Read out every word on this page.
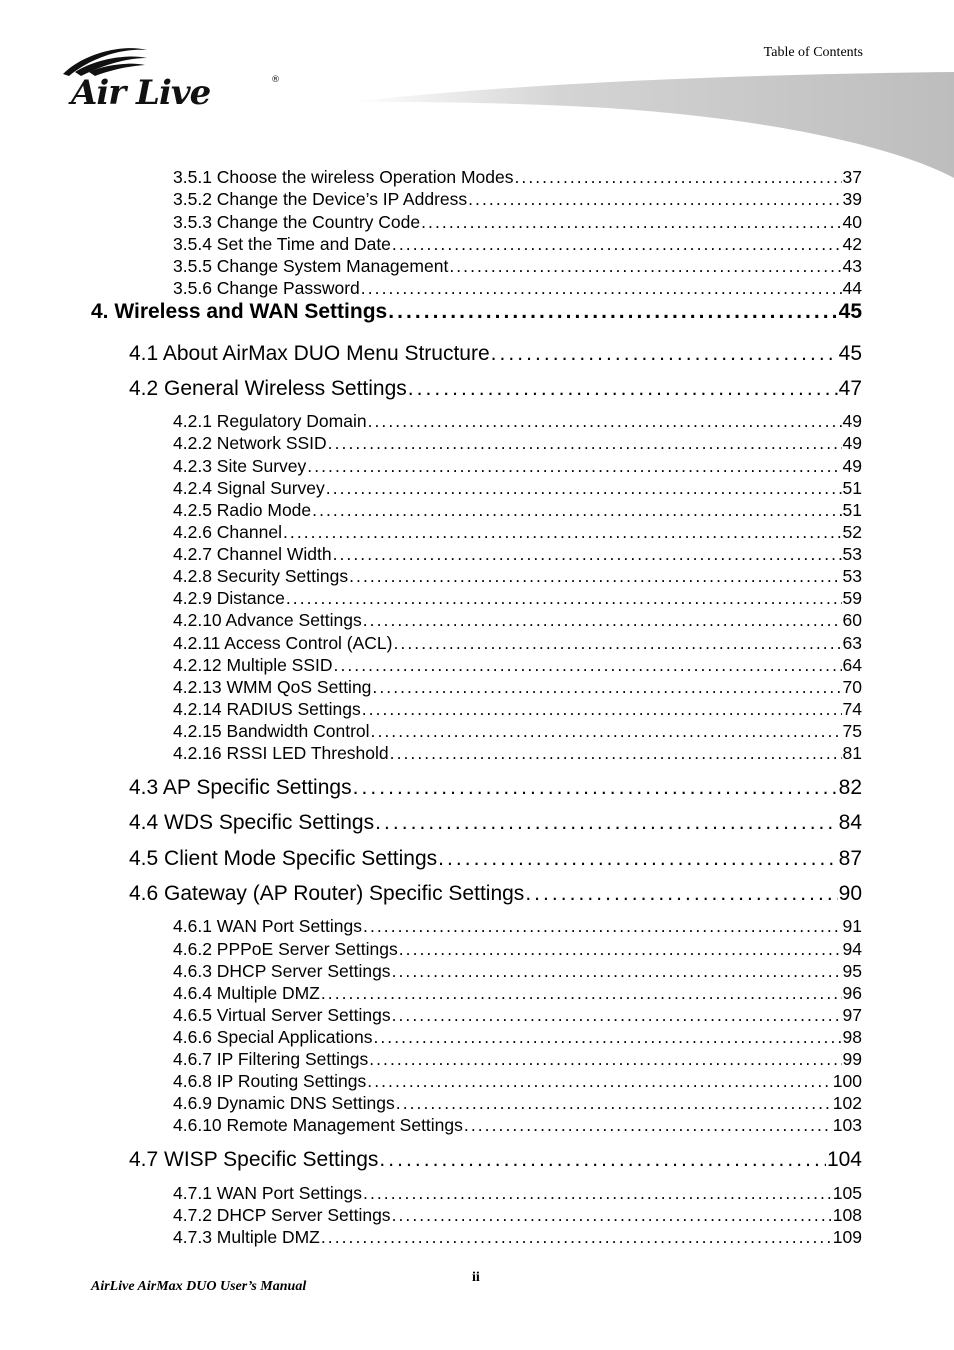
Table of Contents
Air Live	®
3.5.1 Choose the wireless Operation Modes . . .	37
3.5.2 Change the Device’s IP Address . . .	39
3.5.3 Change the Country Code . . .	40
3.5.4 Set the Time and Date . . .	42
3.5.5 Change System Management . . .	43
3.5.6 Change Password . . .	44
4. Wireless and WAN Settings . . .	45
4.1 About AirMax DUO Menu Structure . . .	45
4.2 General Wireless Settings . . .	47
4.2.1 Regulatory Domain . . .	49
4.2.2 Network SSID . . .	49
4.2.3 Site Survey . . .	49
4.2.4 Signal Survey . . .	51
4.2.5 Radio Mode . . .	51
4.2.6 Channel . . .	52
4.2.7 Channel Width . . .	53
4.2.8 Security Settings . . .	53
4.2.9 Distance . . .	59
4.2.10 Advance Settings . . .	60
4.2.11 Access Control (ACL) . . .	63
4.2.12 Multiple SSID . . .	64
4.2.13 WMM QoS Setting . . .	70
4.2.14 RADIUS Settings . . .	74
4.2.15 Bandwidth Control . . .	75
4.2.16 RSSI LED Threshold . . .	81
4.3 AP Specific Settings . . .	82
4.4 WDS Specific Settings . . .	84
4.5 Client Mode Specific Settings . . .	87
4.6 Gateway (AP Router) Specific Settings . . .	90
4.6.1 WAN Port Settings . . .	91
4.6.2 PPPoE Server Settings . . .	94
4.6.3 DHCP Server Settings . . .	95
4.6.4 Multiple DMZ . . .	96
4.6.5 Virtual Server Settings . . .	97
4.6.6 Special Applications . . .	98
4.6.7 IP Filtering Settings . . .	99
4.6.8 IP Routing Settings . . .	100
4.6.9 Dynamic DNS Settings . . .	102
4.6.10 Remote Management Settings . . .	103
4.7 WISP Specific Settings . . .	104
4.7.1 WAN Port Settings . . .	105
4.7.2 DHCP Server Settings . . .	108
4.7.3 Multiple DMZ . . .	109
ii
AirLive AirMax DUO User’s Manual
